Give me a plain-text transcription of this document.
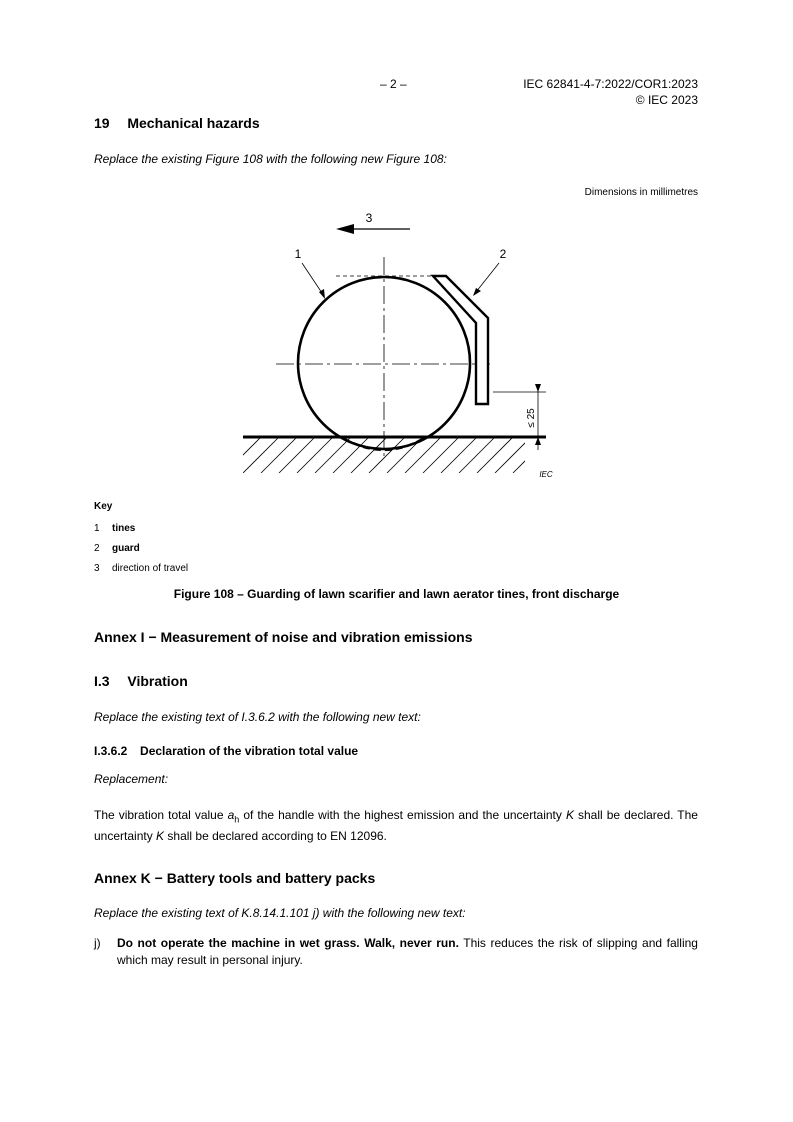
– 2 –	IEC 62841-4-7:2022/COR1:2023
© IEC 2023
19 Mechanical hazards
Replace the existing Figure 108 with the following new Figure 108:
Dimensions in millimetres
3
1	2
≤ 25
IEC
Key
1 tines
2 guard
3 direction of travel
Figure 108 – Guarding of lawn scarifier and lawn aerator tines, front discharge
Annex I − Measurement of noise and vibration emissions
I.3 Vibration
Replace the existing text of I.3.6.2 with the following new text:
I.3.6.2 Declaration of the vibration total value
Replacement:
The vibration total value $a_h$ of the handle with the highest emission and the uncertainty K shall be declared. The uncertainty K shall be declared according to EN 12096.
Annex K − Battery tools and battery packs
Replace the existing text of K.8.14.1.101 j) with the following new text:
j) Do not operate the machine in wet grass. Walk, never run. This reduces the risk of slipping and falling which may result in personal injury.
